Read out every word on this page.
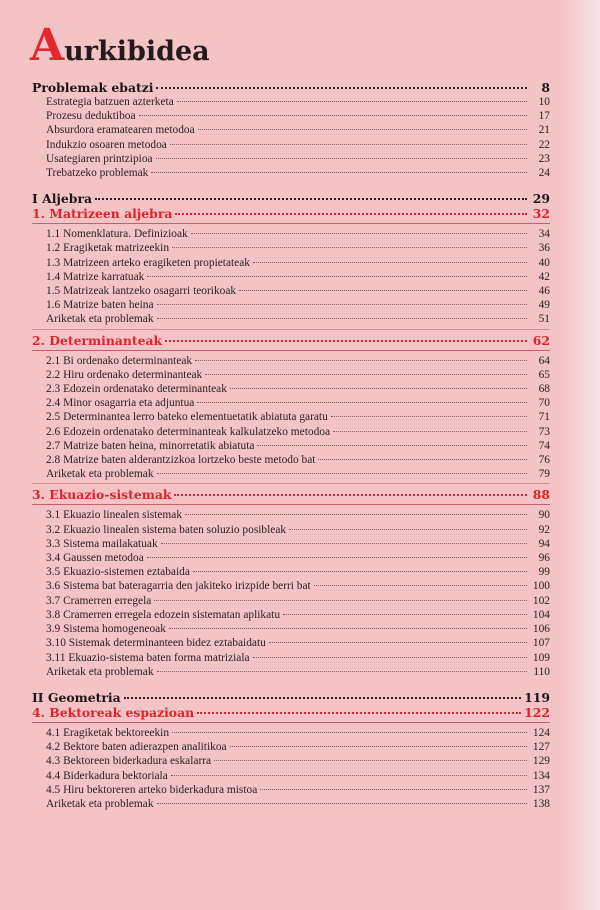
Aurkibidea
Problemak ebatzi	8
Estrategia batzuen azterketa	10
Prozesu deduktiboa	17
Absurdora eramatearen metodoa	21
Indukzio osoaren metodoa	22
Usategiaren printzipioa	23
Trebatzeko problemak	24
I Aljebra	29
1. Matrizeen aljebra	32
1.1 Nomenklatura. Definizioak	34
1.2 Eragiketak matrizeekin	36
1.3 Matrizeen arteko eragiketen propietateak	40
1.4 Matrize karratuak	42
1.5 Matrizeak lantzeko osagarri teorikoak	46
1.6 Matrize baten heina	49
Ariketak eta problemak	51
2. Determinanteak	62
2.1 Bi ordenako determinanteak	64
2.2 Hiru ordenako determinanteak	65
2.3 Edozein ordenatako determinanteak	68
2.4 Minor osagarria eta adjuntua	70
2.5 Determinantea lerro bateko elementuetatik abiatuta garatu	71
2.6 Edozein ordenatako determinanteak kalkulatzeko metodoa	73
2.7 Matrize baten heina, minorretatik abiatuta	74
2.8 Matrize baten alderantzizkoa lortzeko beste metodo bat	76
Ariketak eta problemak	79
3. Ekuazio-sistemak	88
3.1 Ekuazio linealen sistemak	90
3.2 Ekuazio linealen sistema baten soluzio posibleak	92
3.3 Sistema mailakatuak	94
3.4 Gaussen metodoa	96
3.5 Ekuazio-sistemen eztabaida	99
3.6 Sistema bat bateragarria den jakiteko irizpide berri bat	100
3.7 Cramerren erregela	102
3.8 Cramerren erregela edozein sistematan aplikatu	104
3.9 Sistema homogeneoak	106
3.10 Sistemak determinanteen bidez eztabaidatu	107
3.11 Ekuazio-sistema baten forma matriziala	109
Ariketak eta problemak	110
II Geometria	119
4. Bektoreak espazioan	122
4.1 Eragiketak bektoreekin	124
4.2 Bektore baten adierazpen analitikoa	127
4.3 Bektoreen biderkadura eskalarra	129
4.4 Biderkadura bektoriala	134
4.5 Hiru bektoreren arteko biderkadura mistoa	137
Ariketak eta problemak	138
